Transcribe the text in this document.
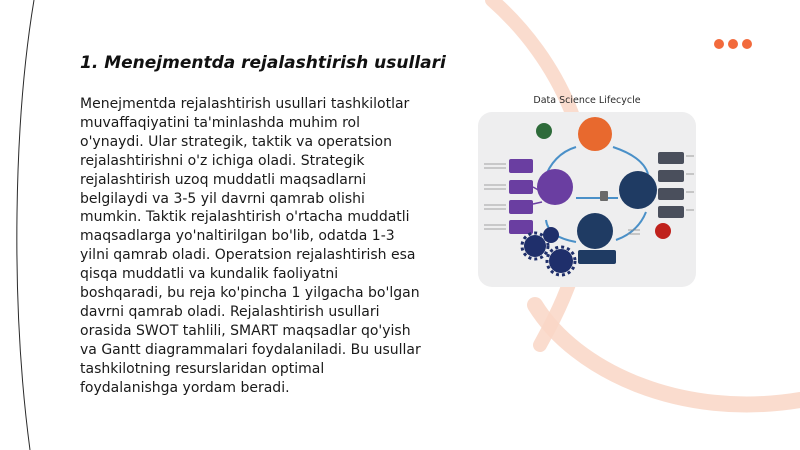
1. Menejmentda rejalashtirish usullari

Menejmentda rejalashtirish usullari tashkilotlar muvaffaqiyatini ta'minlashda muhim rol o'ynaydi. Ular strategik, taktik va operatsion rejalashtirishni o'z ichiga oladi. Strategik rejalashtirish uzoq muddatli maqsadlarni belgilaydi va 3-5 yil davrni qamrab olishi mumkin. Taktik rejalashtirish o'rtacha muddatli maqsadlarga yo'naltirilgan bo'lib, odatda 1-3 yilni qamrab oladi. Operatsion rejalashtirish esa qisqa muddatli va kundalik faoliyatni boshqaradi, bu reja ko'pincha 1 yilgacha bo'lgan davrni qamrab oladi. Rejalashtirish usullari orasida SWOT tahlili, SMART maqsadlar qo'yish va Gantt diagrammalari foydalaniladi. Bu usullar tashkilotning resurslaridan optimal foydalanishga yordam beradi.

Data Science Lifecycle
